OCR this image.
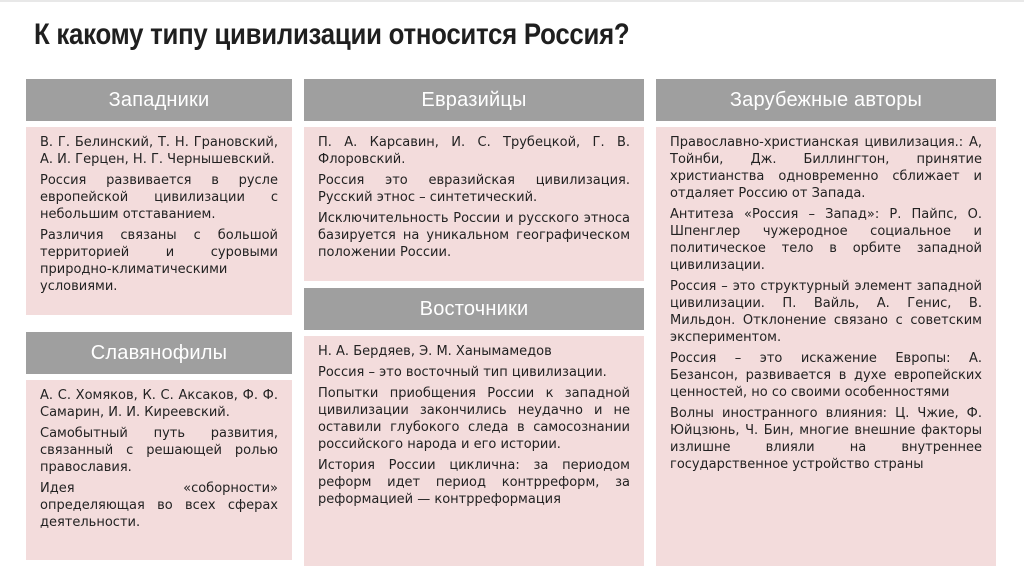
К какому типу цивилизации относится Россия?
Западники

В. Г. Белинский, Т. Н. Грановский, А. И. Герцен, Н. Г. Чернышевский.

Россия развивается в русле европейской цивилизации с небольшим отставанием.

Различия связаны с большой территорией и суровыми природно-климатическими условиями.

Славянофилы

А. С. Хомяков, К. С. Аксаков, Ф. Ф. Самарин, И. И. Киреевский.

Самобытный путь развития, связанный с решающей ролью православия.

Идея «соборности» определяющая во всех сферах деятельности.

Евразийцы

П. А. Карсавин, И. С. Трубецкой, Г. В. Флоровский.

Россия это евразийская цивилизация. Русский этнос – синтетический.

Исключительность России и русского этноса базируется на уникальном географическом положении России.

Восточники

Н. А. Бердяев, Э. М. Ханымамедов

Россия – это восточный тип цивилизации.

Попытки приобщения России к западной цивилизации закончились неудачно и не оставили глубокого следа в самосознании российского народа и его истории.

История России циклична: за периодом реформ идет период контрреформ, за реформацией — контрреформация

Зарубежные авторы

Православно-христианская цивилизация.: А, Тойнби, Дж. Биллингтон, принятие христианства одновременно сближает и отдаляет Россию от Запада.

Антитеза «Россия – Запад»: Р. Пайпс, О. Шпенглер чужеродное социальное и политическое тело в орбите западной цивилизации.

Россия – это структурный элемент западной цивилизации. П. Вайль, А. Генис, В. Мильдон. Отклонение связано с советским экспериментом.

Россия – это искажение Европы: А. Безансон, развивается в духе европейских ценностей, но со своими особенностями

Волны иностранного влияния: Ц. Чжие, Ф. Юйцзюнь, Ч. Бин, многие внешние факторы излишне влияли на внутреннее государственное устройство страны
